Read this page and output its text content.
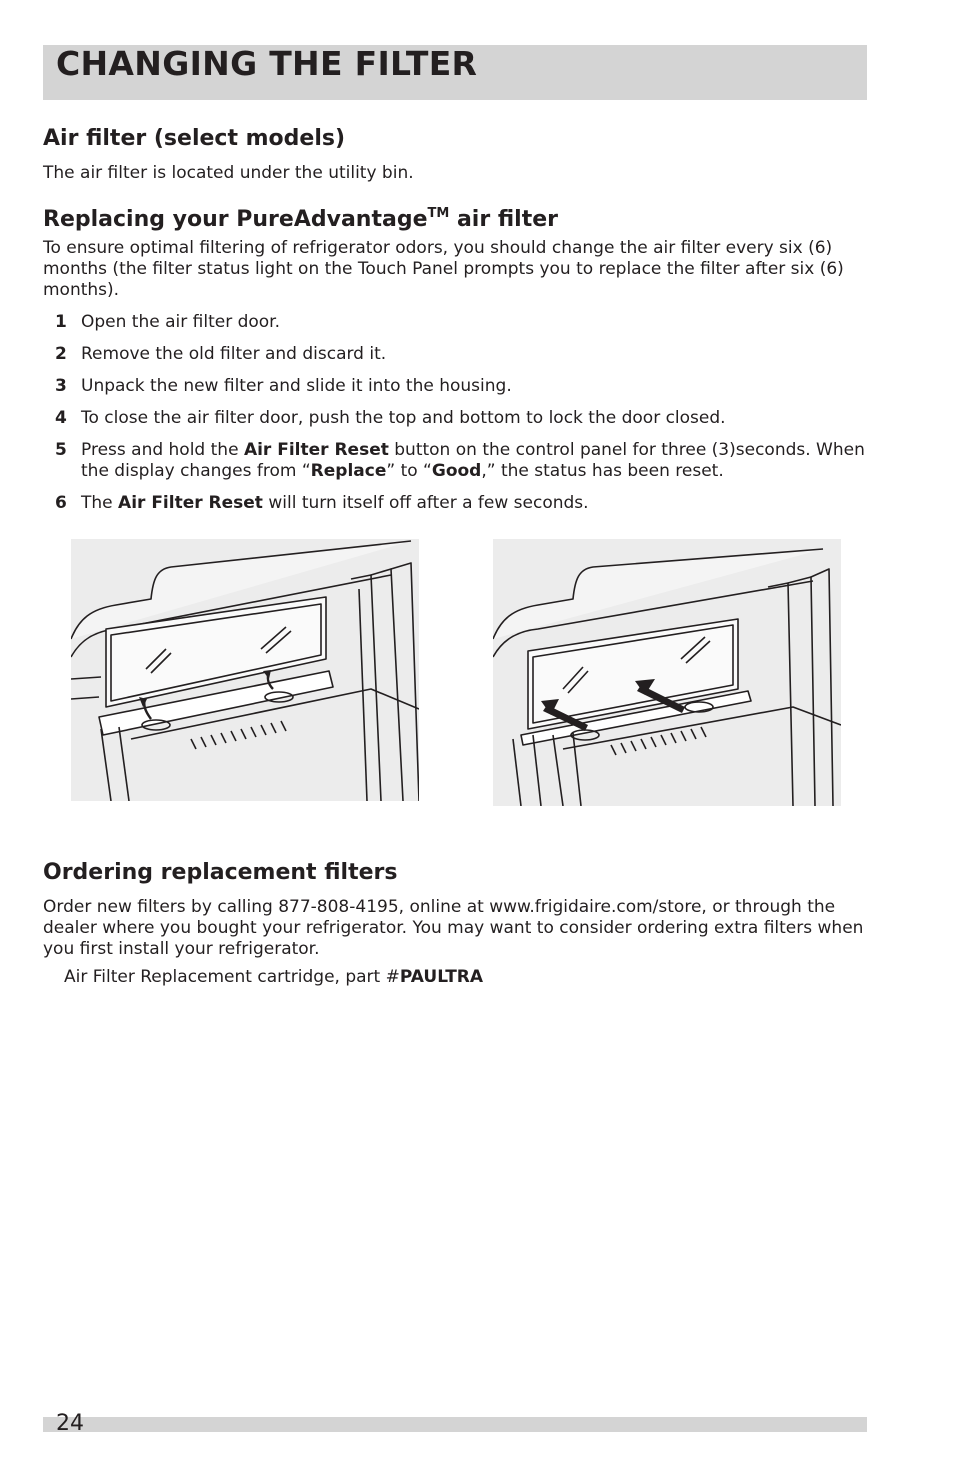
CHANGING THE FILTER
Air filter (select models)

The air filter is located under the utility bin.

Replacing your PureAdvantage™ air filter

To ensure optimal filtering of refrigerator odors, you should change the air filter every six (6) months (the filter status light on the Touch Panel prompts you to replace the filter after six (6) months).

1 Open the air filter door.
2 Remove the old filter and discard it.
3 Unpack the new filter and slide it into the housing.
4 To close the air filter door, push the top and bottom to lock the door closed.
5 Press and hold the Air Filter Reset button on the control panel for three (3)seconds. When the display changes from “Replace” to “Good,” the status has been reset.
6 The Air Filter Reset will turn itself off after a few seconds.
Ordering replacement filters

Order new filters by calling 877-808-4195, online at www.frigidaire.com/store, or through the dealer where you bought your refrigerator. You may want to consider ordering extra filters when you first install your refrigerator.

Air Filter Replacement cartridge, part #PAULTRA

24
